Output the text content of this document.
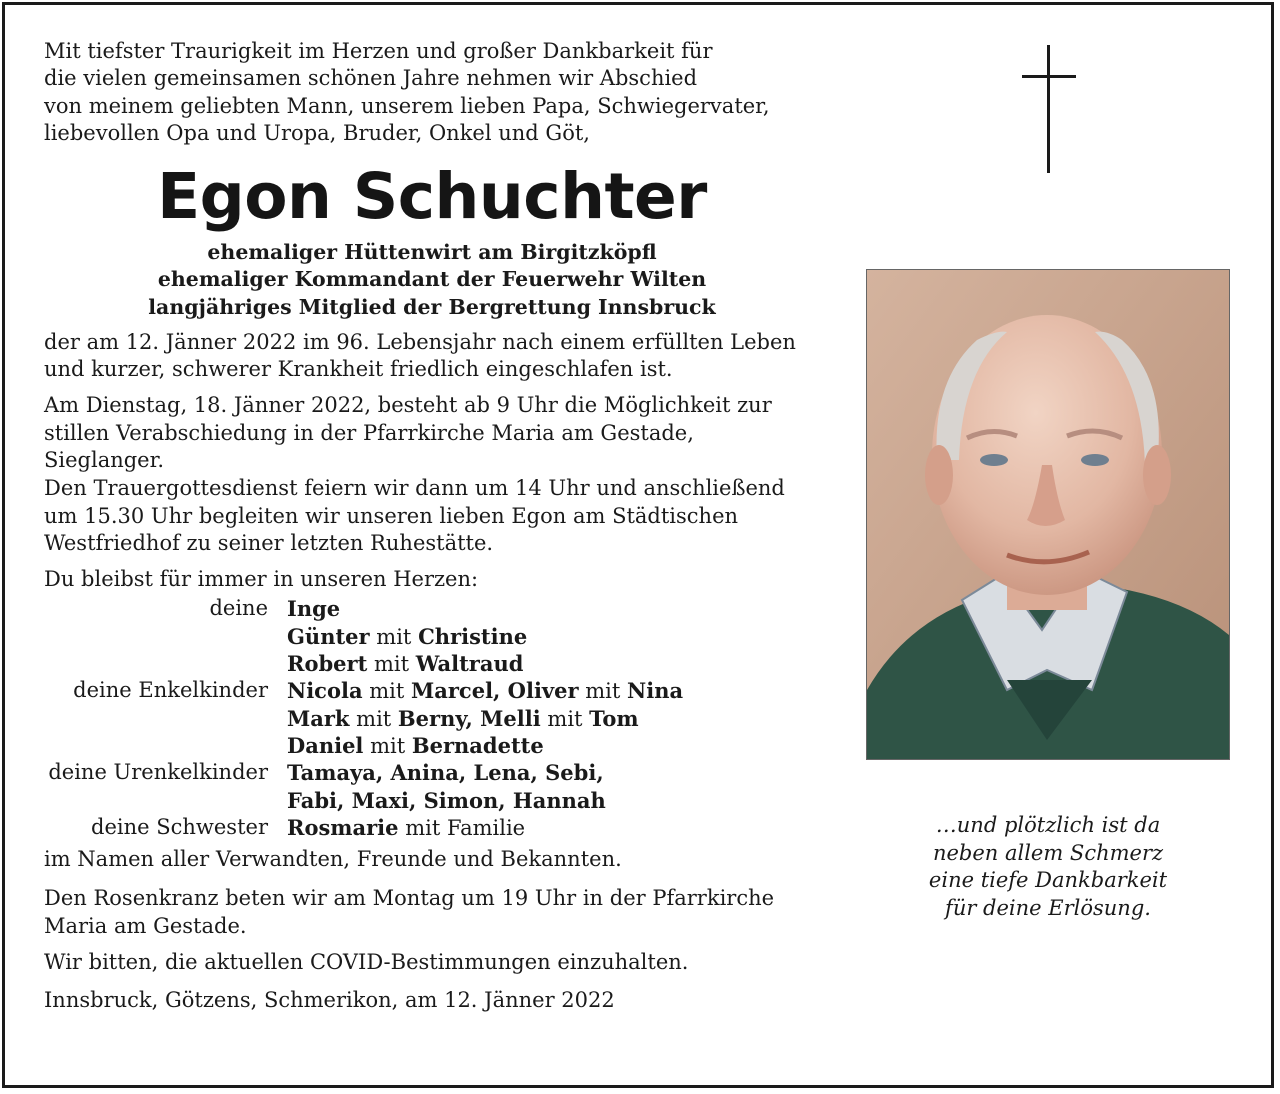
Mit tiefster Traurigkeit im Herzen und großer Dankbarkeit für

die vielen gemeinsamen schönen Jahre nehmen wir Abschied

von meinem geliebten Mann, unserem lieben Papa, Schwiegervater,

liebevollen Opa und Uropa, Bruder, Onkel und Göt,

Egon Schuchter
ehemaliger Hüttenwirt am Birgitzköpfl
ehemaliger Kommandant der Feuerwehr Wilten
langjähriges Mitglied der Bergrettung Innsbruck

der am 12. Jänner 2022 im 96. Lebensjahr nach einem erfüllten Leben

und kurzer, schwerer Krankheit friedlich eingeschlafen ist.

Am Dienstag, 18. Jänner 2022, besteht ab 9 Uhr die Möglichkeit zur

stillen Verabschiedung in der Pfarrkirche Maria am Gestade, Sieglanger.

Den Trauergottesdienst feiern wir dann um 14 Uhr und anschließend

um 15.30 Uhr begleiten wir unseren lieben Egon am Städtischen

Westfriedhof zu seiner letzten Ruhestätte.

Du bleibst für immer in unseren Herzen:

deine Inge
Günter mit Christine
Robert mit Waltraud
deine Enkelkinder Nicola mit Marcel, Oliver mit Nina
Mark mit Berny, Melli mit Tom
Daniel mit Bernadette
deine Urenkelkinder Tamaya, Anina, Lena, Sebi,
Fabi, Maxi, Simon, Hannah
deine Schwester Rosmarie mit Familie

im Namen aller Verwandten, Freunde und Bekannten.

Den Rosenkranz beten wir am Montag um 19 Uhr in der Pfarrkirche

Maria am Gestade.

Wir bitten, die aktuellen COVID-Bestimmungen einzuhalten.

Innsbruck, Götzens, Schmerikon, am 12. Jänner 2022

…und plötzlich ist da
neben allem Schmerz
eine tiefe Dankbarkeit
für deine Erlösung.
